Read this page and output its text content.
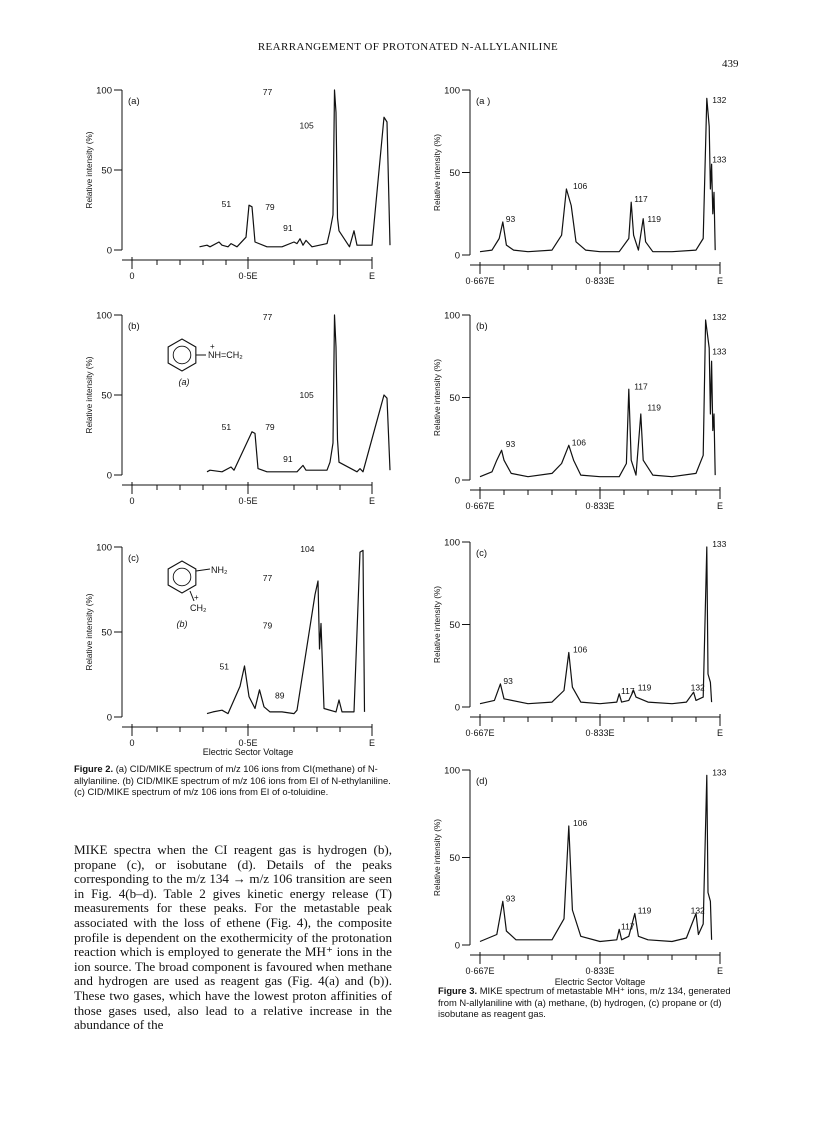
REARRANGEMENT OF PROTONATED N-ALLYLANILINE
439
0
50
100
Relative intensity (%)
(a)
0	0·5E	E
77
105
51	79
91
0
50
100
Relative intensity (%)
(b)
0	0·5E	E
77
105
51	79
91
NH=CH₂
+
(a)
0
50
100
Relative intensity (%)
(c)
0	0·5E	E
104
77
79
51
89
Electric Sector Voltage
NH₂
CH₂
+
(b)
0
50
100
Relative intensity (%)
(a )
0·667E	0·833E	E
132
133
106
117
93	119
0
50
100
Relative intensity (%)
(b)
0·667E	0·833E	E
132
133
117
119
106
93
0
50
100
Relative intensity (%)
(c)
0·667E	0·833E	E
133
106
93
119	132
117
0
50
100
Relative intensity (%)
(d)
0·667E	0·833E	E
133
106
93
119	132
117
Electric Sector Voltage
Figure 2. (a) CID/MIKE spectrum of m/z 106 ions from CI(methane) of N-allylaniline. (b) CID/MIKE spectrum of m/z 106 ions from EI of N-ethylaniline. (c) CID/MIKE spectrum of m/z 106 ions from EI of o-toluidine.
Figure 3. MIKE spectrum of metastable MH⁺ ions, m/z 134, generated from N-allylaniline with (a) methane, (b) hydrogen, (c) propane or (d) isobutane as reagent gas.
MIKE spectra when the CI reagent gas is hydrogen (b), propane (c), or isobutane (d). Details of the peaks corresponding to the m/z 134 → m/z 106 transition are seen in Fig. 4(b–d). Table 2 gives kinetic energy release (T) measurements for these peaks. For the metastable peak associated with the loss of ethene (Fig. 4), the composite profile is dependent on the exothermicity of the protonation reaction which is employed to generate the MH⁺ ions in the ion source. The broad component is favoured when methane and hydrogen are used as reagent gas (Fig. 4(a) and (b)). These two gases, which have the lowest proton affinities of those gases used, also lead to a relative increase in the abundance of the
